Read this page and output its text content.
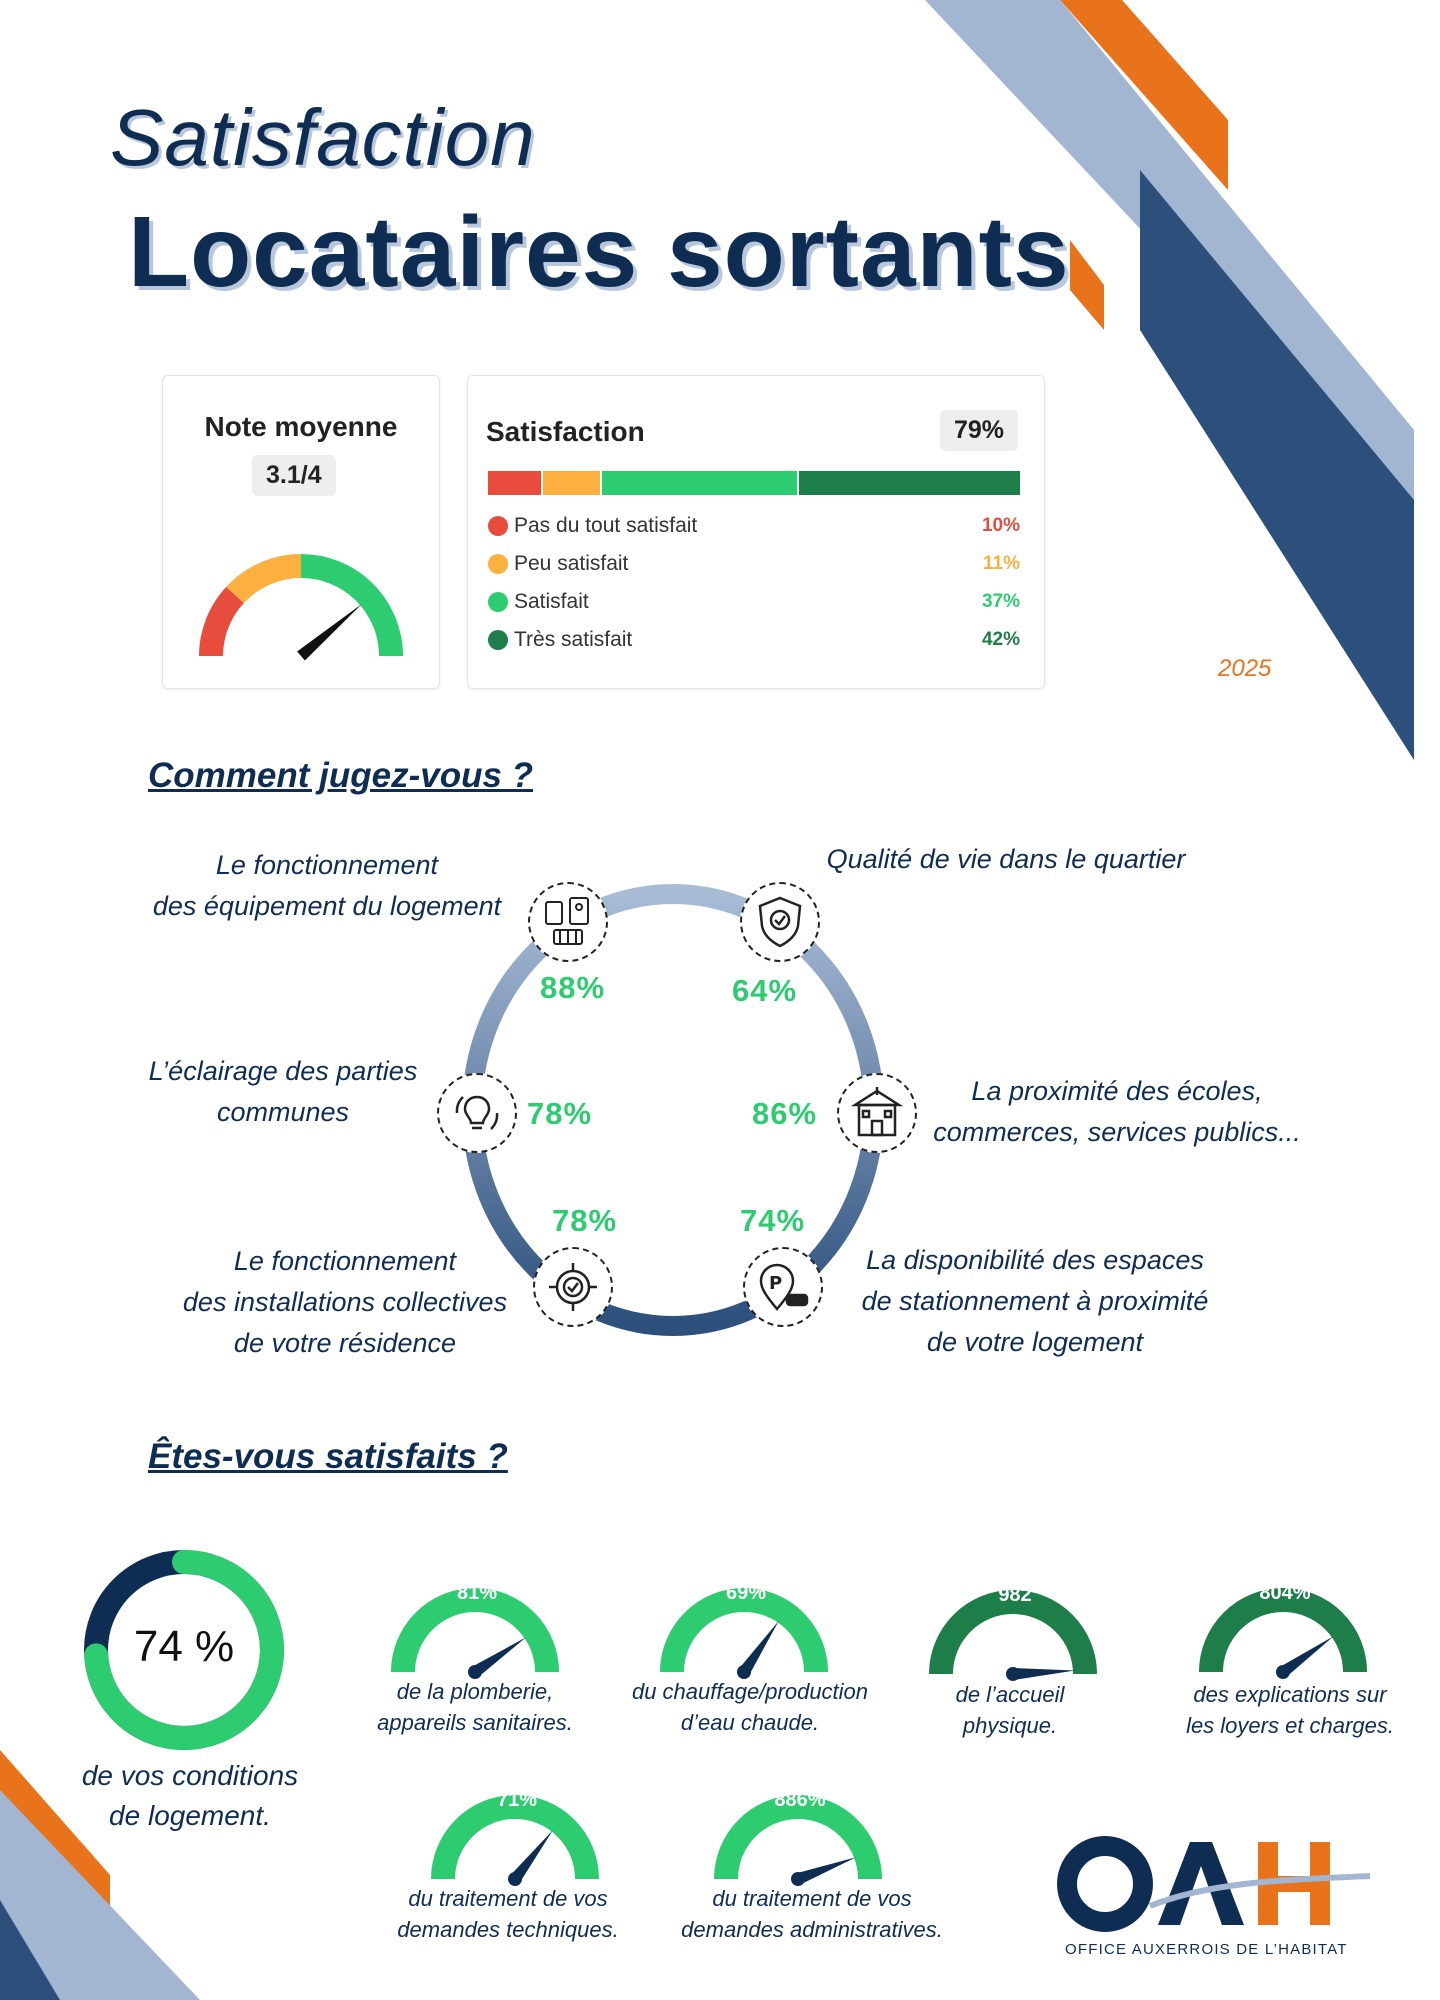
Satisfaction
Locataires sortants
Note moyenne
3.1/4
Satisfaction	79%
Pas du tout satisfait	10%
Peu satisfait	11%
Satisfait	37%
Très satisfait	42%
2025
Comment jugez-vous ?
P
88%	64%
78%	86%
78%	74%
Le fonctionnement
des équipement du logement
Qualité de vie dans le quartier
L’éclairage des parties
communes
La proximité des écoles,
commerces, services publics...
Le fonctionnement
des installations collectives
de votre résidence
La disponibilité des espaces
de stationnement à proximité
de votre logement
Êtes-vous satisfaits ?
74 %
de vos conditions
de logement.
81%
de la plomberie,
appareils sanitaires.
69%
du chauffage/production
d’eau chaude.
982
de l’accueil
physique.
804%
des explications sur
les loyers et charges.
71%
du traitement de vos
demandes techniques.
886%
du traitement de vos
demandes administratives.
OAH
OFFICE AUXERROIS DE L’HABITAT
